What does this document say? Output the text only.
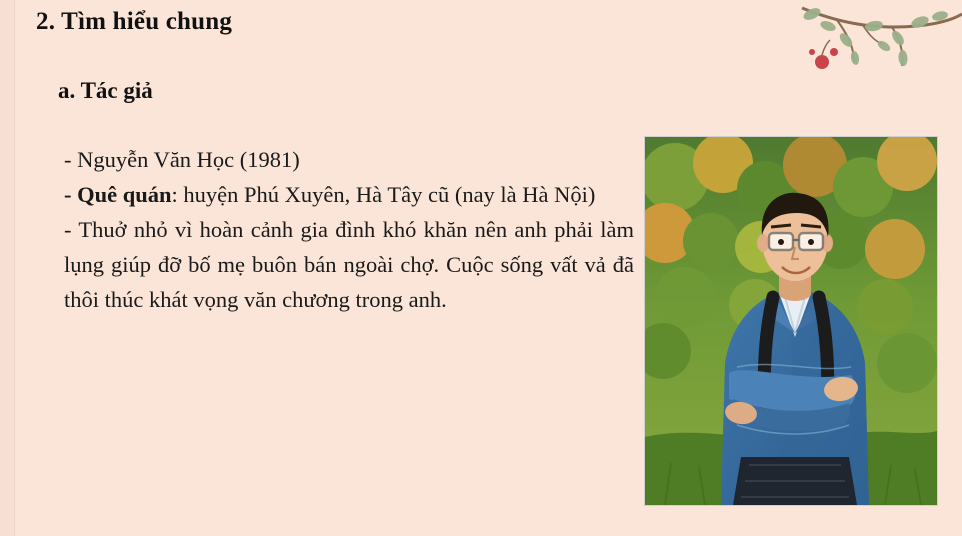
2. Tìm hiểu chung
a. Tác giả

- Nguyễn Văn Học (1981)

- Quê quán: huyện Phú Xuyên, Hà Tây cũ (nay là Hà Nội)

- Thuở nhỏ vì hoàn cảnh gia đình khó khăn nên anh phải làm lụng giúp đỡ bố mẹ buôn bán ngoài chợ. Cuộc sống vất vả đã thôi thúc khát vọng văn chương trong anh.
